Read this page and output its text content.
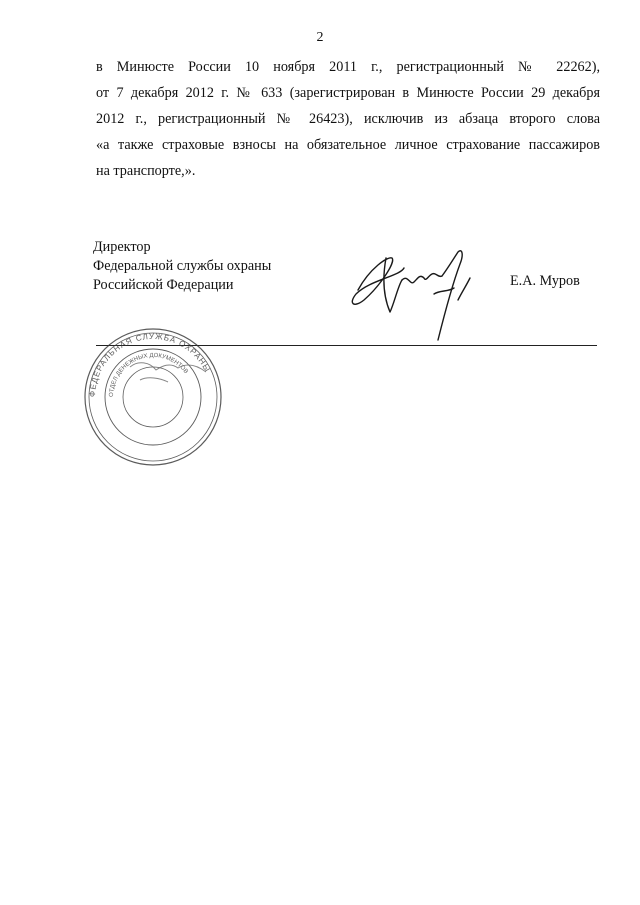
2
в Минюсте России 10 ноября 2011 г., регистрационный № 22262),
от 7 декабря 2012 г. № 633 (зарегистрирован в Минюсте России 29 декабря
2012 г., регистрационный № 26423), исключив из абзаца второго слова
«а также страховые взносы на обязательное личное страхование пассажиров
на транспорте,».
Директор
Федеральной службы охраны
Российской Федерации	Е.А. Муров
ФЕДЕРАЛЬНАЯ СЛУЖБА ОХРАНЫ
ОТДЕЛ ДЕНЕЖНЫХ ДОКУМЕНТОВ
